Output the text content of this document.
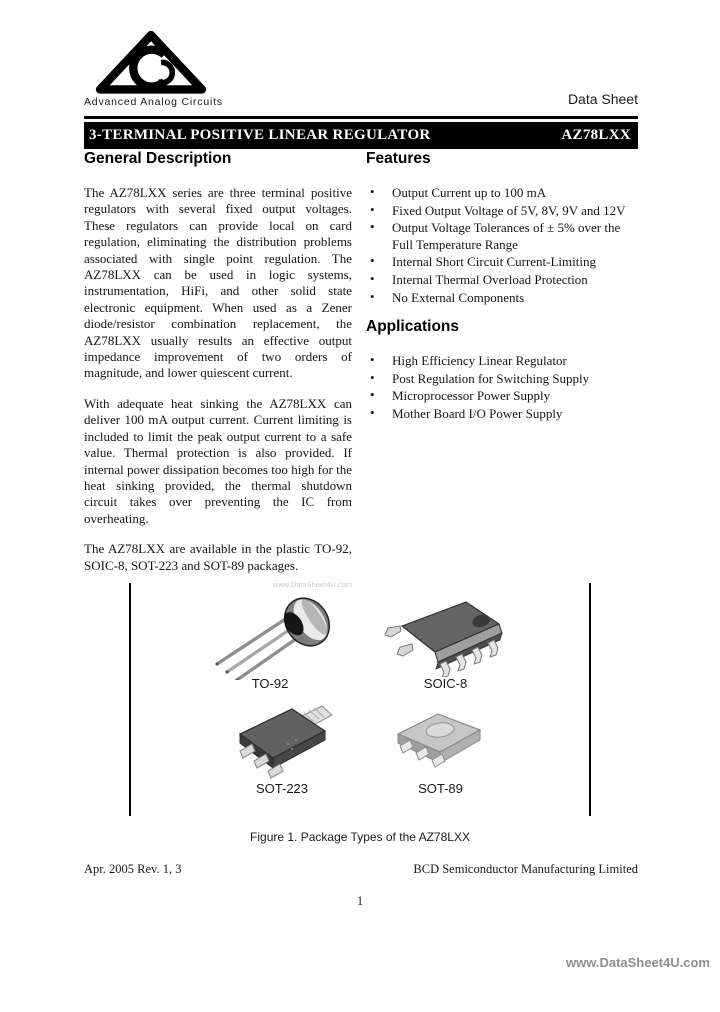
Advanced Analog Circuits	Data Sheet
3-TERMINAL POSITIVE LINEAR REGULATOR	AZ78LXX
General Description

The AZ78LXX series are three terminal positive regulators with several fixed output voltages. These regulators can provide local on card regulation, eliminating the distribution problems associated with single point regulation. The AZ78LXX can be used in logic systems, instrumentation, HiFi, and other solid state electronic equipment. When used as a Zener diode/resistor combination replacement, the AZ78LXX usually results an effective output impedance improvement of two orders of magnitude, and lower quiescent current.

With adequate heat sinking the AZ78LXX can deliver 100 mA output current. Current limiting is included to limit the peak output current to a safe value. Thermal protection is also provided. If internal power dissipation becomes too high for the heat sinking provided, the thermal shutdown circuit takes over preventing the IC from overheating.

The AZ78LXX are available in the plastic TO-92, SOIC-8, SOT-223 and SOT-89 packages.

www.DataSheet4U.com
Features
• Output Current up to 100 mA
• Fixed Output Voltage of 5V, 8V, 9V and 12V
• Output Voltage Tolerances of ± 5% over the Full Temperature Range
• Internal Short Circuit Current-Limiting
• Internal Thermal Overload Protection
• No External Components
Applications
• High Efficiency Linear Regulator
• Post Regulation for Switching Supply
• Microprocessor Power Supply
• Mother Board I/O Power Supply
TO-92	SOIC-8
SOT-223	SOT-89
Figure 1. Package Types of the AZ78LXX
Apr. 2005 Rev. 1, 3	BCD Semiconductor Manufacturing Limited
1
www.DataSheet4U.com
